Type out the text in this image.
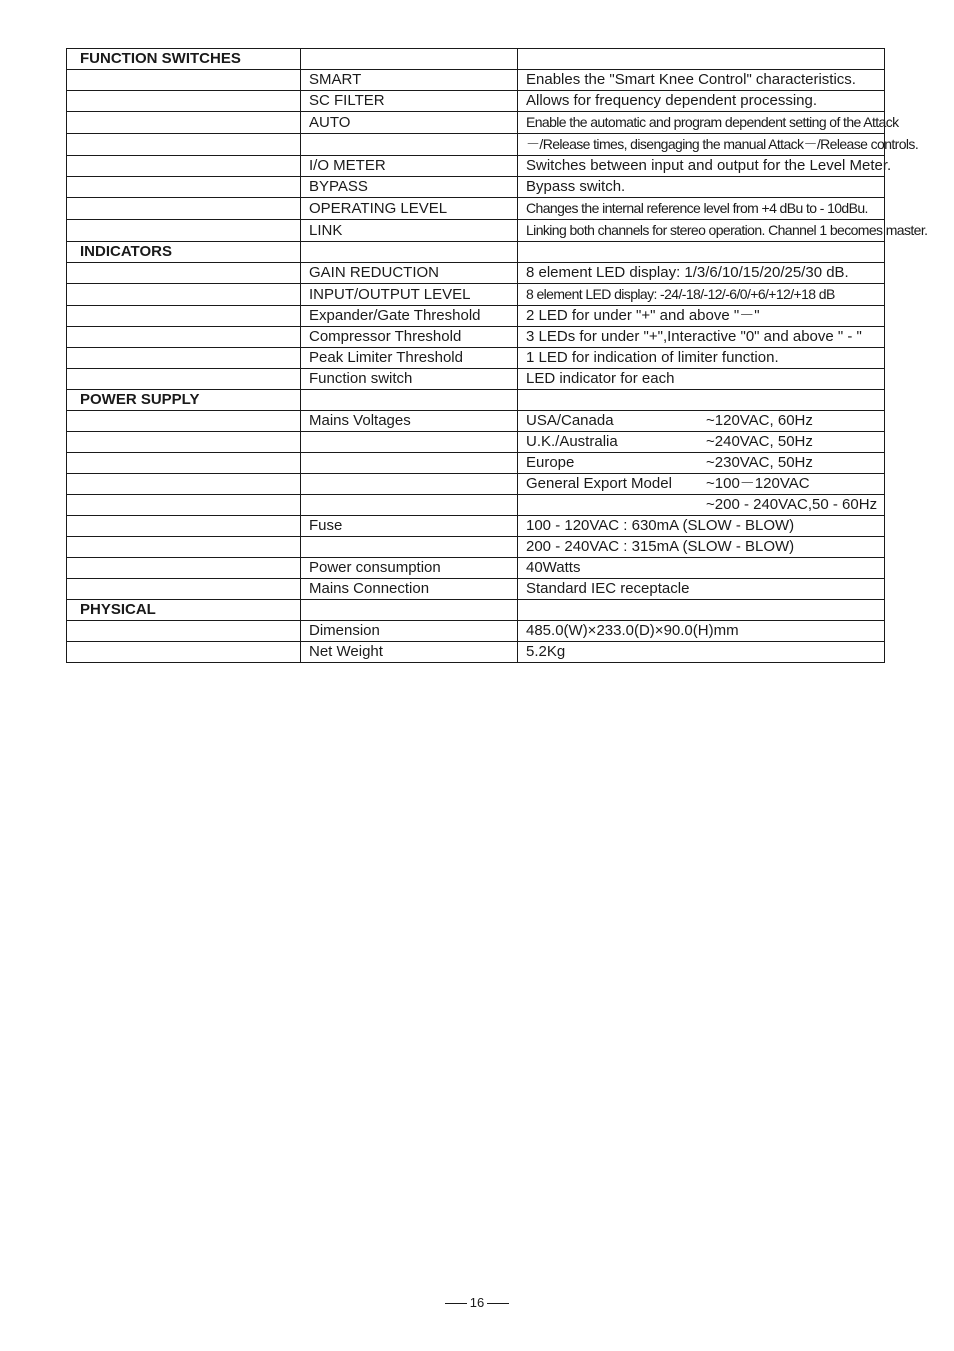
FUNCTION SWITCHES		
	SMART	Enables the "Smart Knee Control" characteristics.
	SC FILTER	Allows for frequency dependent processing.
	AUTO	Enable the automatic and program dependent setting of the Attack
		－/Release times, disengaging the manual Attack－/Release controls.
	I/O METER	Switches between input and output for the Level Meter.
	BYPASS	Bypass switch.
	OPERATING LEVEL	Changes the internal reference level from +4 dBu to - 10dBu.
	LINK	Linking both channels for stereo operation. Channel 1 becomes master.
INDICATORS		
	GAIN REDUCTION	8 element LED display: 1/3/6/10/15/20/25/30 dB.
	INPUT/OUTPUT LEVEL	8 element LED display: -24/-18/-12/-6/0/+6/+12/+18 dB
	Expander/Gate Threshold	2 LED for under "+" and above "－"
	Compressor Threshold	3 LEDs for under "+",Interactive "0" and above " - "
	Peak Limiter Threshold	1 LED for indication of limiter function.
	Function switch	LED indicator for each
POWER SUPPLY		
	Mains Voltages	USA/Canada ~120VAC, 60Hz
		U.K./Australia ~240VAC, 50Hz
		Europe ~230VAC, 50Hz
		General Export Model ~100－120VAC
		~200 - 240VAC,50 - 60Hz
	Fuse	100 - 120VAC : 630mA (SLOW - BLOW)
		200 - 240VAC : 315mA (SLOW - BLOW)
	Power consumption	40Watts
	Mains Connection	Standard IEC receptacle
PHYSICAL		
	Dimension	485.0(W)×233.0(D)×90.0(H)mm
	Net Weight	5.2Kg
16
